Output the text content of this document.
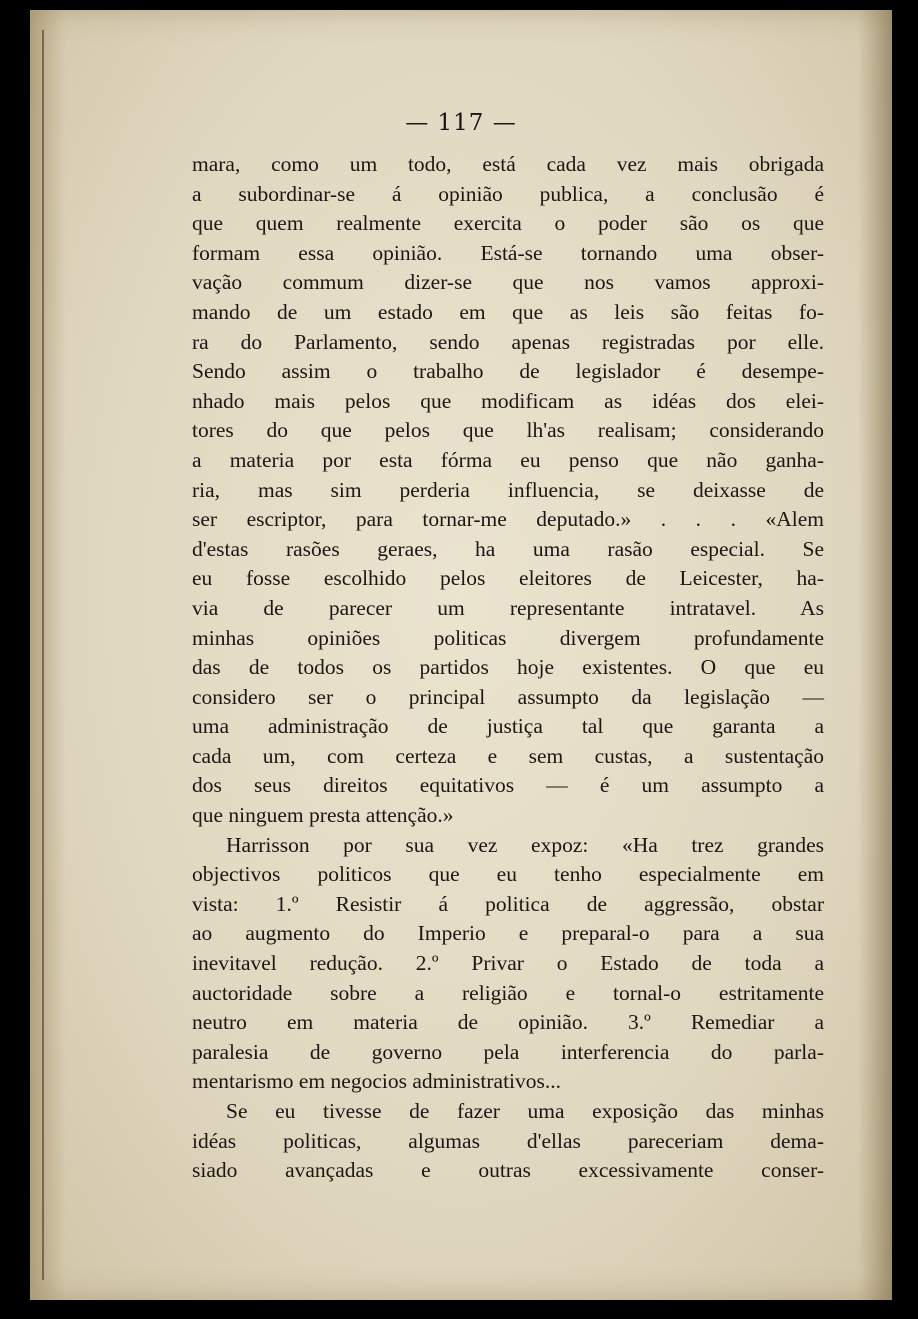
— 117 —
mara, como um todo, está cada vez mais obrigada
a subordinar-se á opinião publica, a conclusão é
que quem realmente exercita o poder são os que
formam essa opinião. Está-se tornando uma obser-
vação commum dizer-se que nos vamos approxi-
mando de um estado em que as leis são feitas fo-
ra do Parlamento, sendo apenas registradas por elle.
Sendo assim o trabalho de legislador é desempe-
nhado mais pelos que modificam as idéas dos elei-
tores do que pelos que lh'as realisam; considerando
a materia por esta fórma eu penso que não ganha-
ria, mas sim perderia influencia, se deixasse de
ser escriptor, para tornar-me deputado.» . . . «Alem
d'estas rasões geraes, ha uma rasão especial. Se
eu fosse escolhido pelos eleitores de Leicester, ha-
via de parecer um representante intratavel. As
minhas opiniões politicas divergem profundamente
das de todos os partidos hoje existentes. O que eu
considero ser o principal assumpto da legislação —
uma administração de justiça tal que garanta a
cada um, com certeza e sem custas, a sustentação
dos seus direitos equitativos — é um assumpto a
que ninguem presta attenção.»
Harrisson por sua vez expoz: «Ha trez grandes
objectivos politicos que eu tenho especialmente em
vista: 1.º Resistir á politica de aggressão, obstar
ao augmento do Imperio e preparal-o para a sua
inevitavel redução. 2.º Privar o Estado de toda a
auctoridade sobre a religião e tornal-o estritamente
neutro em materia de opinião. 3.º Remediar a
paralesia de governo pela interferencia do parla-
mentarismo em negocios administrativos...
Se eu tivesse de fazer uma exposição das minhas
idéas politicas, algumas d'ellas pareceriam dema-
siado avançadas e outras excessivamente conser-
